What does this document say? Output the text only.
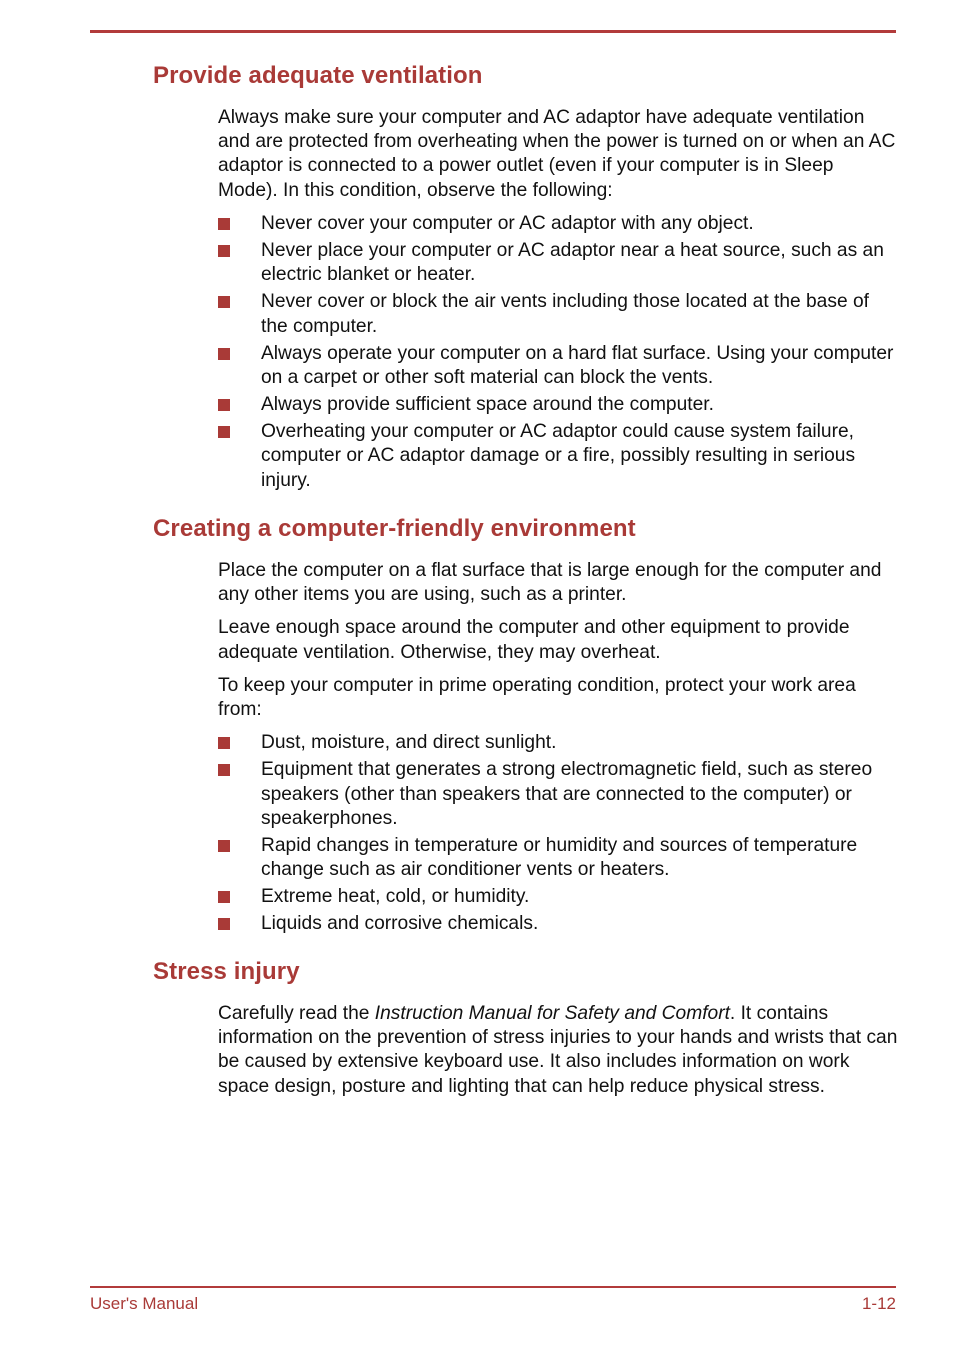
Provide adequate ventilation

Always make sure your computer and AC adaptor have adequate ventilation and are protected from overheating when the power is turned on or when an AC adaptor is connected to a power outlet (even if your computer is in Sleep Mode). In this condition, observe the following:

Never cover your computer or AC adaptor with any object.
Never place your computer or AC adaptor near a heat source, such as an electric blanket or heater.
Never cover or block the air vents including those located at the base of the computer.
Always operate your computer on a hard flat surface. Using your computer on a carpet or other soft material can block the vents.
Always provide sufficient space around the computer.
Overheating your computer or AC adaptor could cause system failure, computer or AC adaptor damage or a fire, possibly resulting in serious injury.
Creating a computer-friendly environment

Place the computer on a flat surface that is large enough for the computer and any other items you are using, such as a printer.

Leave enough space around the computer and other equipment to provide adequate ventilation. Otherwise, they may overheat.

To keep your computer in prime operating condition, protect your work area from:

Dust, moisture, and direct sunlight.
Equipment that generates a strong electromagnetic field, such as stereo speakers (other than speakers that are connected to the computer) or speakerphones.
Rapid changes in temperature or humidity and sources of temperature change such as air conditioner vents or heaters.
Extreme heat, cold, or humidity.
Liquids and corrosive chemicals.
Stress injury

Carefully read the Instruction Manual for Safety and Comfort. It contains information on the prevention of stress injuries to your hands and wrists that can be caused by extensive keyboard use. It also includes information on work space design, posture and lighting that can help reduce physical stress.

User's Manual	1-12
